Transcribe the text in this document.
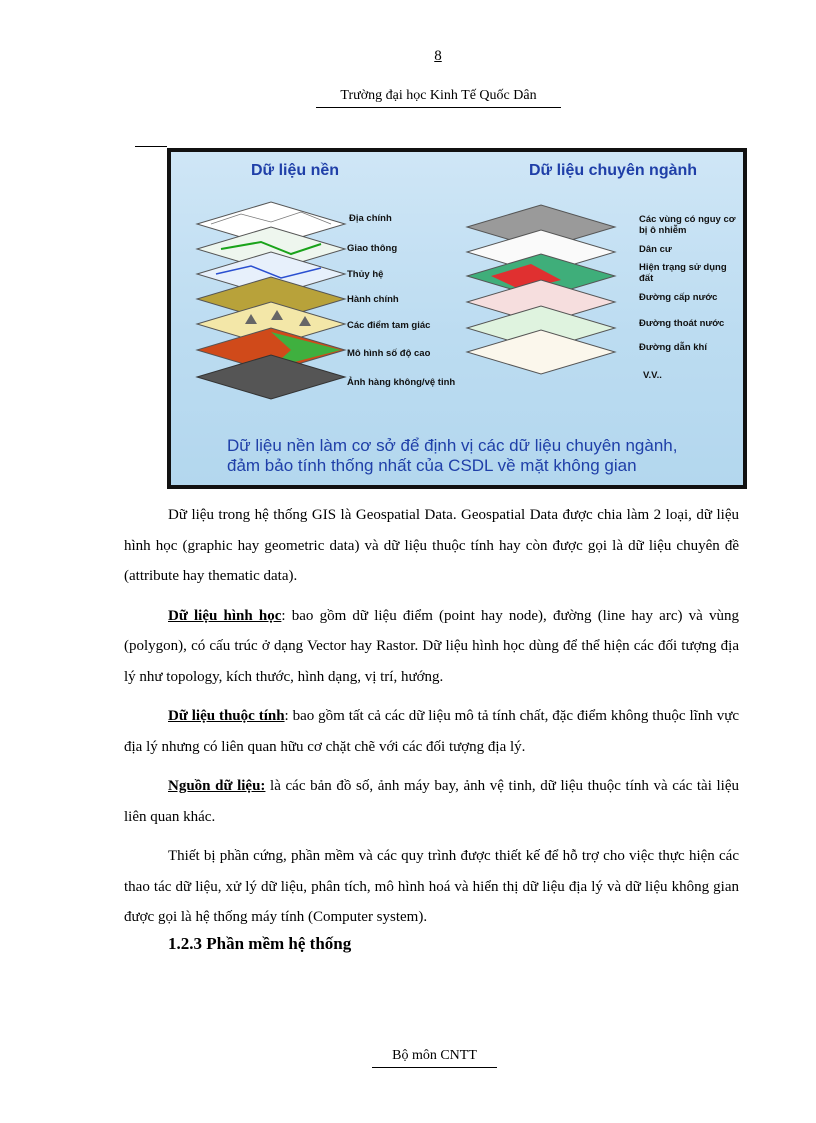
8
Trường đại học Kinh Tế Quốc Dân
Dữ liệu nền	Dữ liệu chuyên ngành
Địa chính
Giao thông
Thủy hệ
Hành chính
Các điểm tam giác
Mô hình số độ cao
Ảnh hàng không/vệ tinh
Các vùng có nguy cơ bị ô nhiễm
Dân cư
Hiện trạng sử dụng đất
Đường cấp nước
Đường thoát nước
Đường dẫn khí
V.V..
Dữ liệu nền làm cơ sở để định vị các dữ liệu chuyên ngành,
đảm bảo tính thống nhất của CSDL về mặt không gian

Dữ liệu trong hệ thống GIS là Geospatial Data. Geospatial Data được chia làm 2 loại, dữ liệu hình học (graphic hay geometric data) và dữ liệu thuộc tính hay còn được gọi là dữ liệu chuyên đề (attribute hay thematic data).

Dữ liệu hình học: bao gồm dữ liệu điểm (point hay node), đường (line hay arc) và vùng (polygon), có cấu trúc ở dạng Vector hay Rastor. Dữ liệu hình học dùng để thể hiện các đối tượng địa lý như topology, kích thước, hình dạng, vị trí, hướng.

Dữ liệu thuộc tính: bao gồm tất cả các dữ liệu mô tả tính chất, đặc điểm không thuộc lĩnh vực địa lý nhưng có liên quan hữu cơ chặt chẽ với các đối tượng địa lý.

Nguồn dữ liệu: là các bản đồ số, ảnh máy bay, ảnh vệ tinh, dữ liệu thuộc tính và các tài liệu liên quan khác.

Thiết bị phần cứng, phần mềm và các quy trình được thiết kế để hỗ trợ cho việc thực hiện các thao tác dữ liệu, xử lý dữ liệu, phân tích, mô hình hoá và hiển thị dữ liệu địa lý và dữ liệu không gian được gọi là hệ thống máy tính (Computer system).

1.2.3 Phần mềm hệ thống
Bộ môn CNTT
